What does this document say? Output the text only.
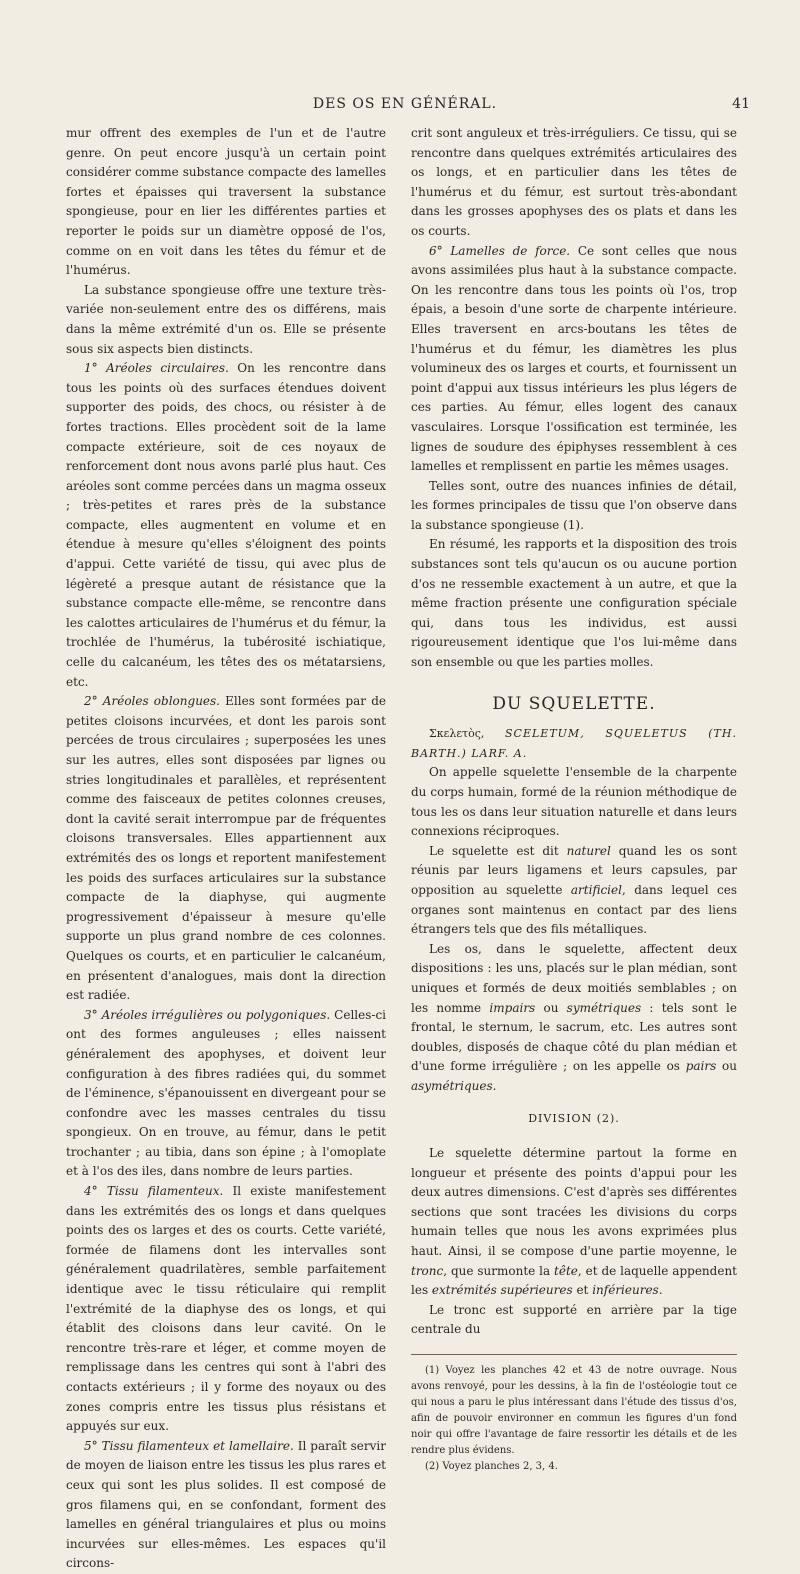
DES OS EN GÉNÉRAL.	41

mur offrent des exemples de l'un et de l'autre genre. On peut encore jusqu'à un certain point considérer comme substance compacte des lamelles fortes et épaisses qui traversent la substance spongieuse, pour en lier les différentes parties et reporter le poids sur un diamètre opposé de l'os, comme on en voit dans les têtes du fémur et de l'humérus.

La substance spongieuse offre une texture très-variée non-seulement entre des os différens, mais dans la même extrémité d'un os. Elle se présente sous six aspects bien distincts.

1° Aréoles circulaires. On les rencontre dans tous les points où des surfaces étendues doivent supporter des poids, des chocs, ou résister à de fortes tractions. Elles procèdent soit de la lame compacte extérieure, soit de ces noyaux de renforcement dont nous avons parlé plus haut. Ces aréoles sont comme percées dans un magma osseux ; très-petites et rares près de la substance compacte, elles augmentent en volume et en étendue à mesure qu'elles s'éloignent des points d'appui. Cette variété de tissu, qui avec plus de légèreté a presque autant de résistance que la substance compacte elle-même, se rencontre dans les calottes articulaires de l'humérus et du fémur, la trochlée de l'humérus, la tubérosité ischiatique, celle du calcanéum, les têtes des os métatarsiens, etc.

2° Aréoles oblongues. Elles sont formées par de petites cloisons incurvées, et dont les parois sont percées de trous circulaires ; superposées les unes sur les autres, elles sont disposées par lignes ou stries longitudinales et parallèles, et représentent comme des faisceaux de petites colonnes creuses, dont la cavité serait interrompue par de fréquentes cloisons transversales. Elles appartiennent aux extrémités des os longs et reportent manifestement les poids des surfaces articulaires sur la substance compacte de la diaphyse, qui augmente progressivement d'épaisseur à mesure qu'elle supporte un plus grand nombre de ces colonnes. Quelques os courts, et en particulier le calcanéum, en présentent d'analogues, mais dont la direction est radiée.

3° Aréoles irrégulières ou polygoniques. Celles-ci ont des formes anguleuses ; elles naissent généralement des apophyses, et doivent leur configuration à des fibres radiées qui, du sommet de l'éminence, s'épanouissent en divergeant pour se confondre avec les masses centrales du tissu spongieux. On en trouve, au fémur, dans le petit trochanter ; au tibia, dans son épine ; à l'omoplate et à l'os des iles, dans nombre de leurs parties.

4° Tissu filamenteux. Il existe manifestement dans les extrémités des os longs et dans quelques points des os larges et des os courts. Cette variété, formée de filamens dont les intervalles sont généralement quadrilatères, semble parfaitement identique avec le tissu réticulaire qui remplit l'extrémité de la diaphyse des os longs, et qui établit des cloisons dans leur cavité. On le rencontre très-rare et léger, et comme moyen de remplissage dans les centres qui sont à l'abri des contacts extérieurs ; il y forme des noyaux ou des zones compris entre les tissus plus résistans et appuyés sur eux.

5° Tissu filamenteux et lamellaire. Il paraît servir de moyen de liaison entre les tissus les plus rares et ceux qui sont les plus solides. Il est composé de gros filamens qui, en se confondant, forment des lamelles en général triangulaires et plus ou moins incurvées sur elles-mêmes. Les espaces qu'il circons-

crit sont anguleux et très-irréguliers. Ce tissu, qui se rencontre dans quelques extrémités articulaires des os longs, et en particulier dans les têtes de l'humérus et du fémur, est surtout très-abondant dans les grosses apophyses des os plats et dans les os courts.

6° Lamelles de force. Ce sont celles que nous avons assimilées plus haut à la substance compacte. On les rencontre dans tous les points où l'os, trop épais, a besoin d'une sorte de charpente intérieure. Elles traversent en arcs-boutans les têtes de l'humérus et du fémur, les diamètres les plus volumineux des os larges et courts, et fournissent un point d'appui aux tissus intérieurs les plus légers de ces parties. Au fémur, elles logent des canaux vasculaires. Lorsque l'ossification est terminée, les lignes de soudure des épiphyses ressemblent à ces lamelles et remplissent en partie les mêmes usages.

Telles sont, outre des nuances infinies de détail, les formes principales de tissu que l'on observe dans la substance spongieuse (1).

En résumé, les rapports et la disposition des trois substances sont tels qu'aucun os ou aucune portion d'os ne ressemble exactement à un autre, et que la même fraction présente une configuration spéciale qui, dans tous les individus, est aussi rigoureusement identique que l'os lui-même dans son ensemble ou que les parties molles.

DU SQUELETTE.

Σκελετὸς, SCELETUM, SQUELETUS (TH. BARTH.) LARF. A.

On appelle squelette l'ensemble de la charpente du corps humain, formé de la réunion méthodique de tous les os dans leur situation naturelle et dans leurs connexions réciproques.

Le squelette est dit naturel quand les os sont réunis par leurs ligamens et leurs capsules, par opposition au squelette artificiel, dans lequel ces organes sont maintenus en contact par des liens étrangers tels que des fils métalliques.

Les os, dans le squelette, affectent deux dispositions : les uns, placés sur le plan médian, sont uniques et formés de deux moitiés semblables ; on les nomme impairs ou symétriques : tels sont le frontal, le sternum, le sacrum, etc. Les autres sont doubles, disposés de chaque côté du plan médian et d'une forme irrégulière ; on les appelle os pairs ou asymétriques.

DIVISION (2).

Le squelette détermine partout la forme en longueur et présente des points d'appui pour les deux autres dimensions. C'est d'après ses différentes sections que sont tracées les divisions du corps humain telles que nous les avons exprimées plus haut. Ainsi, il se compose d'une partie moyenne, le tronc, que surmonte la tête, et de laquelle appendent les extrémités supérieures et inférieures.

Le tronc est supporté en arrière par la tige centrale du

(1) Voyez les planches 42 et 43 de notre ouvrage. Nous avons renvoyé, pour les dessins, à la fin de l'ostéologie tout ce qui nous a paru le plus intéressant dans l'étude des tissus d'os, afin de pouvoir environner en commun les figures d'un fond noir qui offre l'avantage de faire ressortir les détails et de les rendre plus évidens.

(2) Voyez planches 2, 3, 4.
